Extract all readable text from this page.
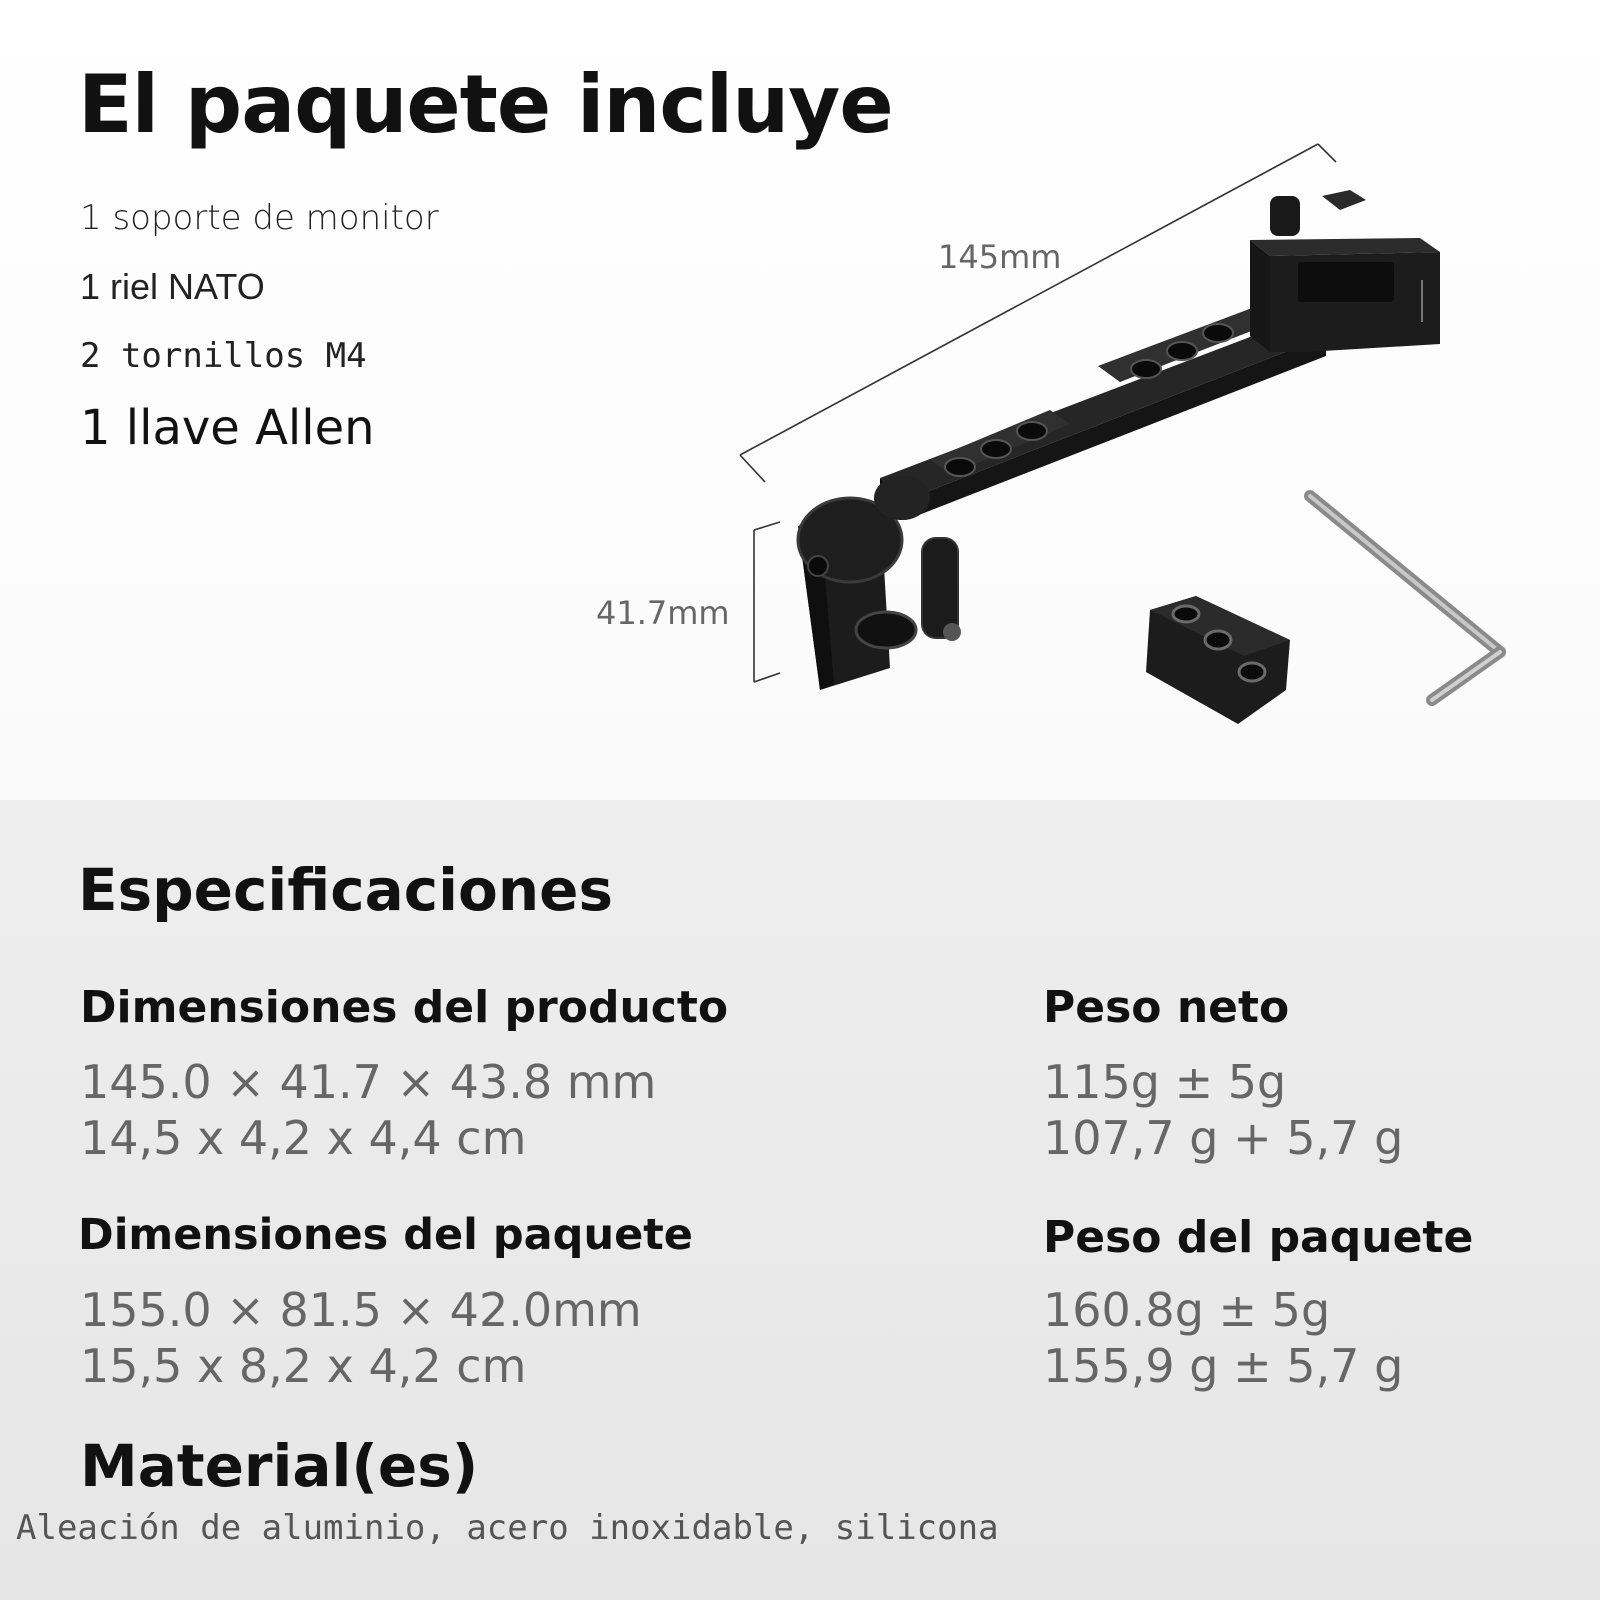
El paquete incluye

1 soporte de monitor

1 riel NATO

2 tornillos M4

1 llave Allen

145mm
41.7mm
Especificaciones
Dimensiones del producto

145.0 × 41.7 × 43.8 mm

14,5 x 4,2 x 4,4 cm

Dimensiones del paquete

155.0 × 81.5 × 42.0mm

15,5 x 8,2 x 4,2 cm

Peso neto

115g ± 5g

107,7 g + 5,7 g

Peso del paquete

160.8g ± 5g

155,9 g ± 5,7 g

Material(es)

Aleación de aluminio, acero inoxidable, silicona
